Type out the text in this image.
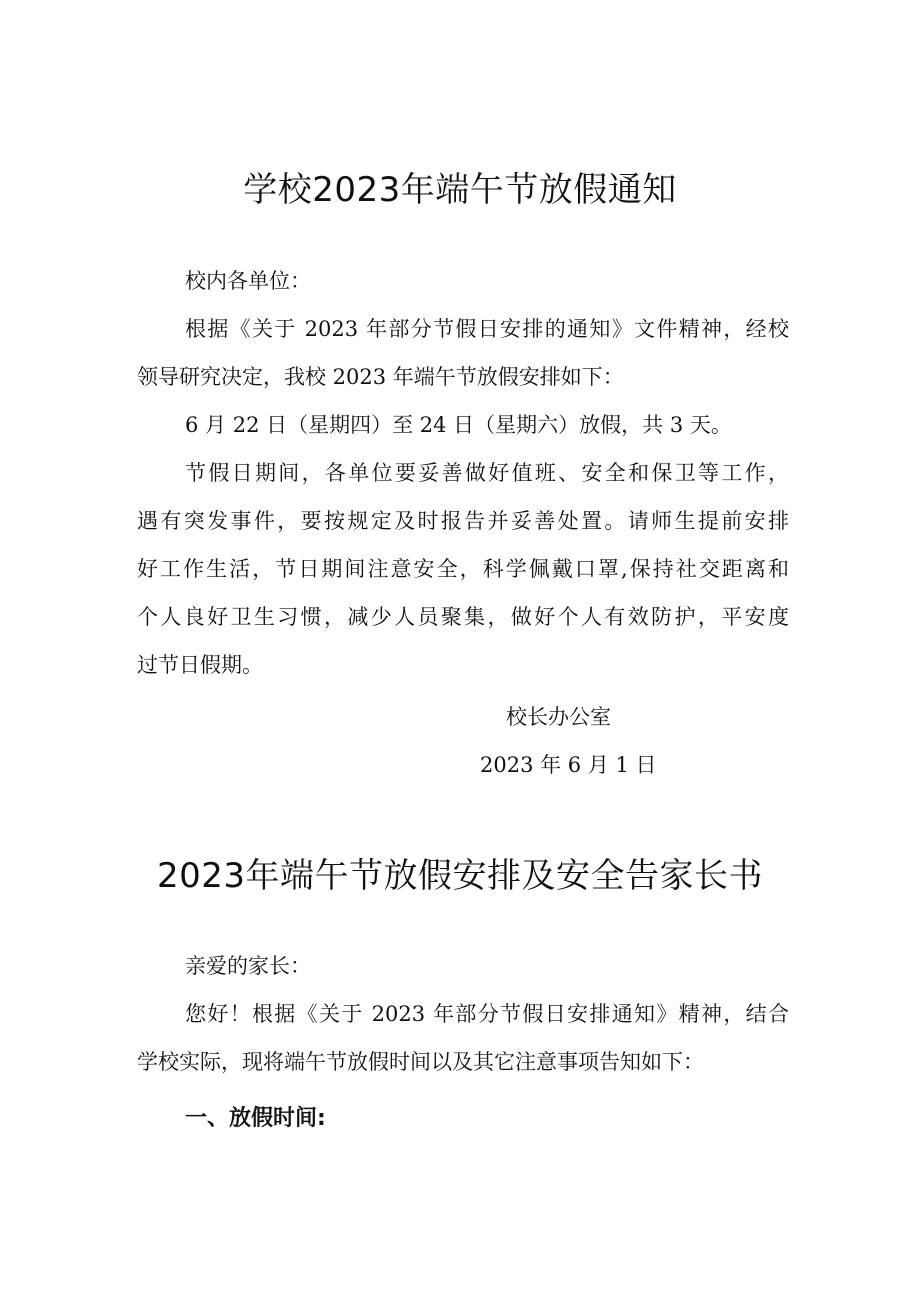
学校2023年端午节放假通知

校内各单位：

根据《关于 2023 年部分节假日安排的通知》文件精神，经校

领导研究决定，我校 2023 年端午节放假安排如下：

6 月 22 日（星期四）至 24 日（星期六）放假，共 3 天。

节假日期间，各单位要妥善做好值班、安全和保卫等工作，

遇有突发事件，要按规定及时报告并妥善处置。请师生提前安排

好工作生活，节日期间注意安全，科学佩戴口罩,保持社交距离和

个人良好卫生习惯，减少人员聚集，做好个人有效防护，平安度

过节日假期。

校长办公室

2023 年 6 月 1 日

2023年端午节放假安排及安全告家长书

亲爱的家长：

您好！根据《关于 2023 年部分节假日安排通知》精神，结合

学校实际，现将端午节放假时间以及其它注意事项告知如下：

一、放假时间:
